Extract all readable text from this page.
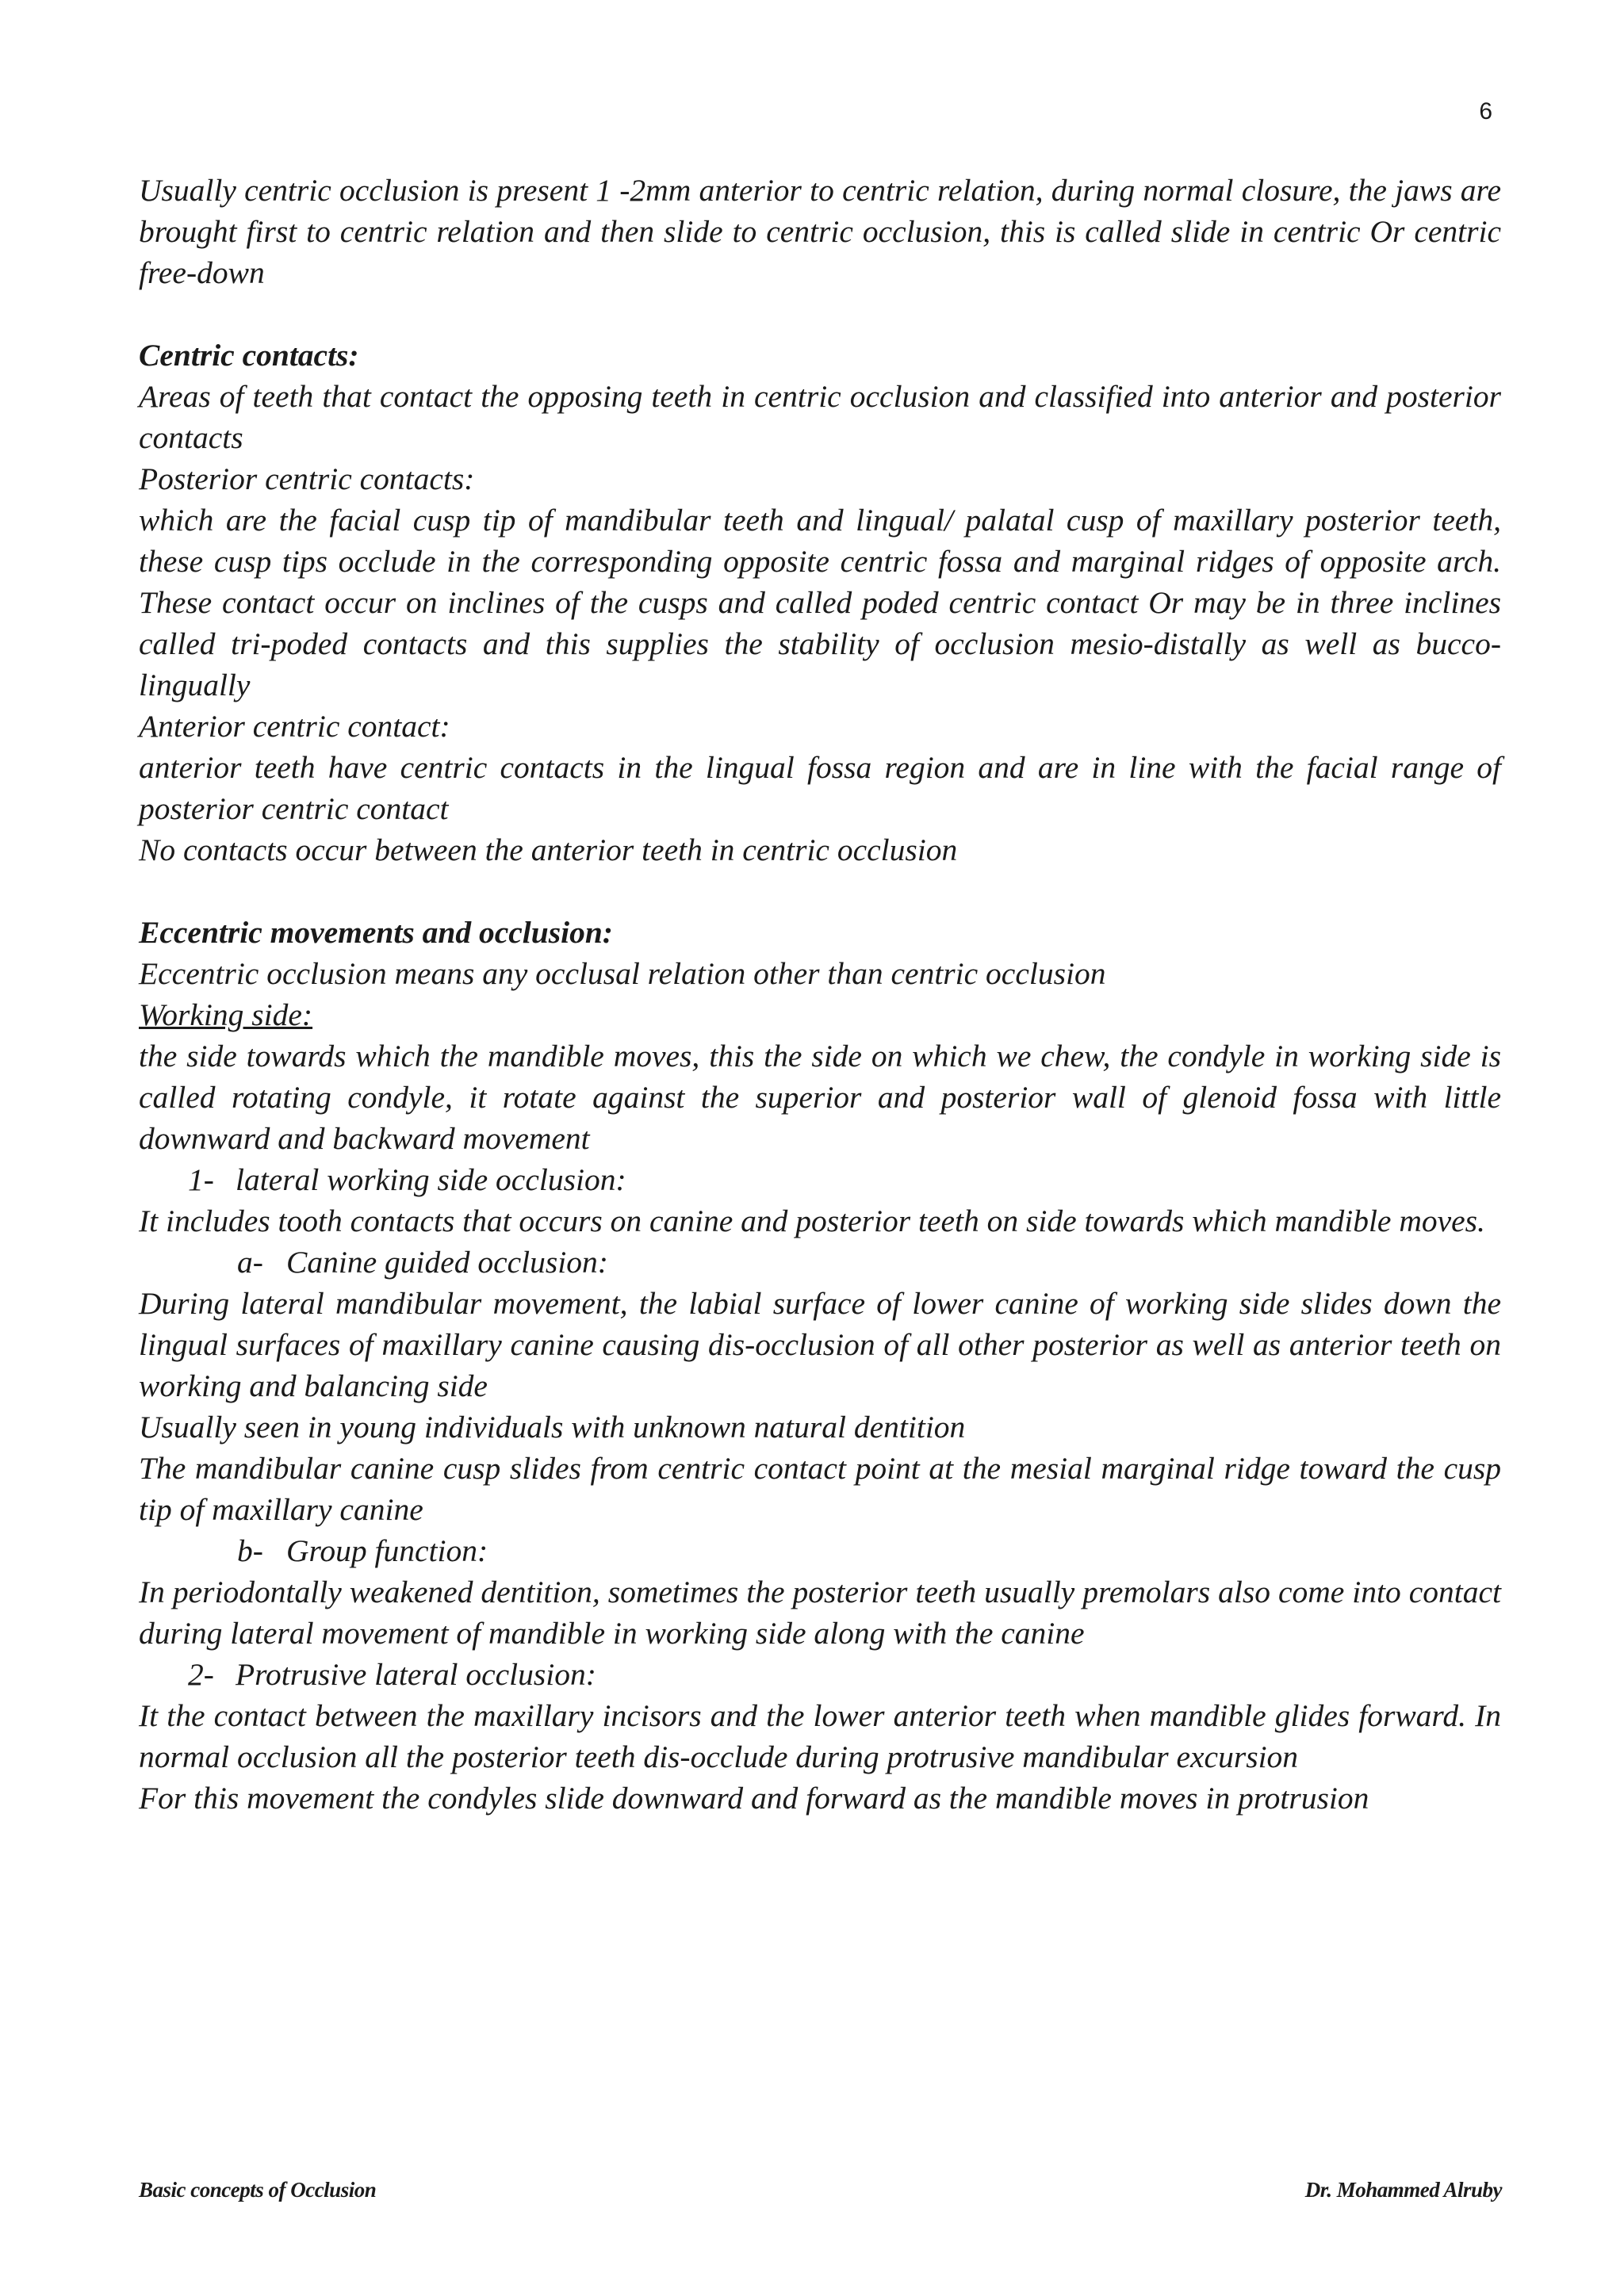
6

Usually centric occlusion is present 1 -2mm anterior to centric relation, during normal closure, the jaws are brought first to centric relation and then slide to centric occlusion, this is called slide in centric Or centric free-down

Centric contacts:

Areas of teeth that contact the opposing teeth in centric occlusion and classified into anterior and posterior contacts

Posterior centric contacts:

which are the facial cusp tip of mandibular teeth and lingual/ palatal cusp of maxillary posterior teeth, these cusp tips occlude in the corresponding opposite centric fossa and marginal ridges of opposite arch. These contact occur on inclines of the cusps and called poded centric contact Or may be in three inclines called tri-poded contacts and this supplies the stability of occlusion mesio-distally as well as bucco-lingually

Anterior centric contact:

anterior teeth have centric contacts in the lingual fossa region and are in line with the facial range of posterior centric contact

No contacts occur between the anterior teeth in centric occlusion

Eccentric movements and occlusion:

Eccentric occlusion means any occlusal relation other than centric occlusion

Working side:

the side towards which the mandible moves, this the side on which we chew, the condyle in working side is called rotating condyle, it rotate against the superior and posterior wall of glenoid fossa with little downward and backward movement

1- lateral working side occlusion:

It includes tooth contacts that occurs on canine and posterior teeth on side towards which mandible moves.

a- Canine guided occlusion:

During lateral mandibular movement, the labial surface of lower canine of working side slides down the lingual surfaces of maxillary canine causing dis-occlusion of all other posterior as well as anterior teeth on working and balancing side

Usually seen in young individuals with unknown natural dentition

The mandibular canine cusp slides from centric contact point at the mesial marginal ridge toward the cusp tip of maxillary canine

b- Group function:

In periodontally weakened dentition, sometimes the posterior teeth usually premolars also come into contact during lateral movement of mandible in working side along with the canine

2- Protrusive lateral occlusion:

It the contact between the maxillary incisors and the lower anterior teeth when mandible glides forward. In normal occlusion all the posterior teeth dis-occlude during protrusive mandibular excursion

For this movement the condyles slide downward and forward as the mandible moves in protrusion

Basic concepts of Occlusion	Dr. Mohammed Alruby
